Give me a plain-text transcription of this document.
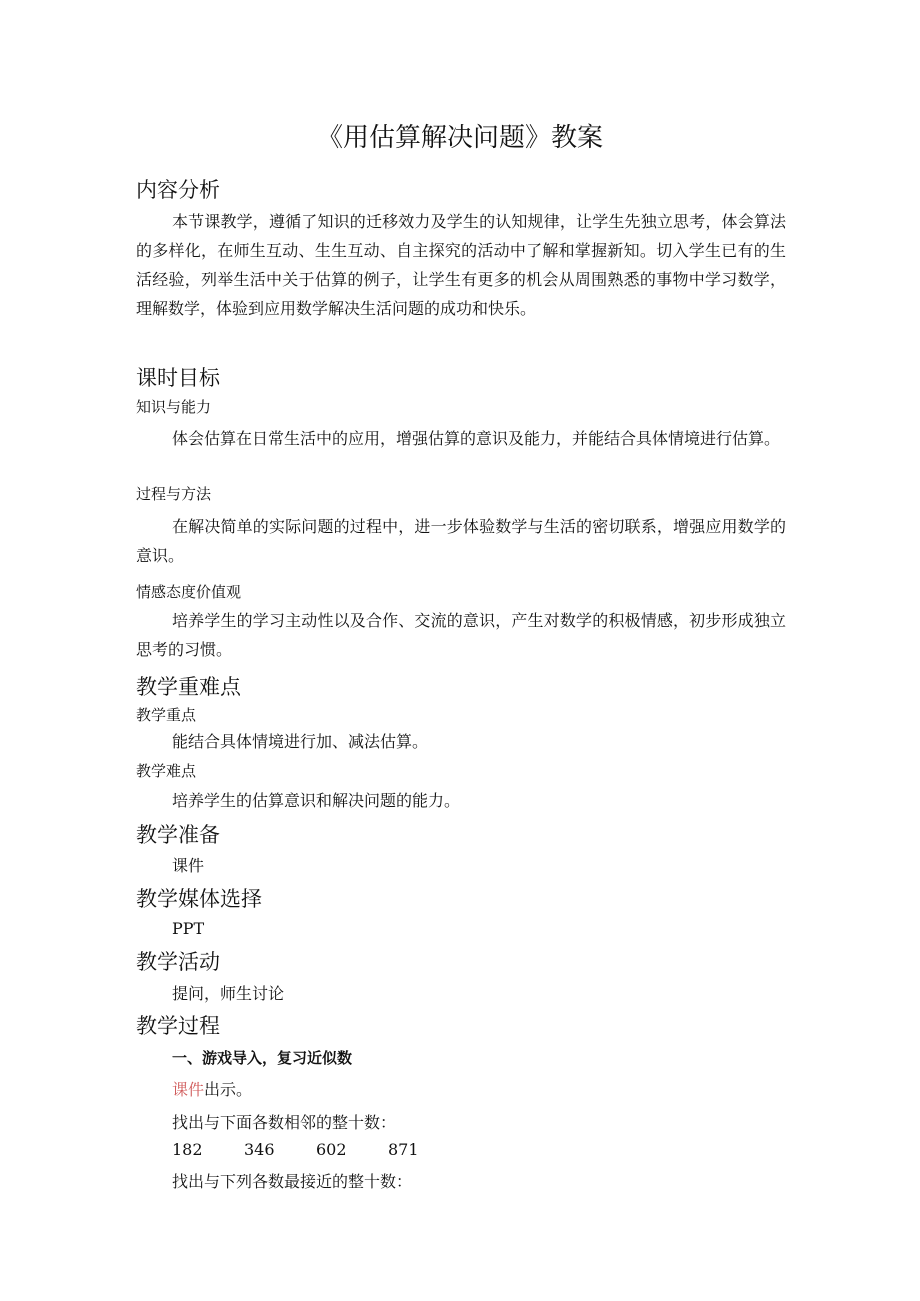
《用估算解决问题》教案
内容分析
本节课教学，遵循了知识的迁移效力及学生的认知规律，让学生先独立思考，体会算法的多样化，在师生互动、生生互动、自主探究的活动中了解和掌握新知。切入学生已有的生活经验，列举生活中关于估算的例子，让学生有更多的机会从周围熟悉的事物中学习数学，理解数学，体验到应用数学解决生活问题的成功和快乐。
课时目标
知识与能力
体会估算在日常生活中的应用，增强估算的意识及能力，并能结合具体情境进行估算。
过程与方法
在解决简单的实际问题的过程中，进一步体验数学与生活的密切联系，增强应用数学的意识。
情感态度价值观
培养学生的学习主动性以及合作、交流的意识，产生对数学的积极情感，初步形成独立思考的习惯。
教学重难点
教学重点
能结合具体情境进行加、减法估算。
教学难点
培养学生的估算意识和解决问题的能力。
教学准备
课件
教学媒体选择
PPT
教学活动
提问，师生讨论
教学过程
一、游戏导入，复习近似数
课件出示。
找出与下面各数相邻的整十数：
182	346	602	871
找出与下列各数最接近的整十数：
